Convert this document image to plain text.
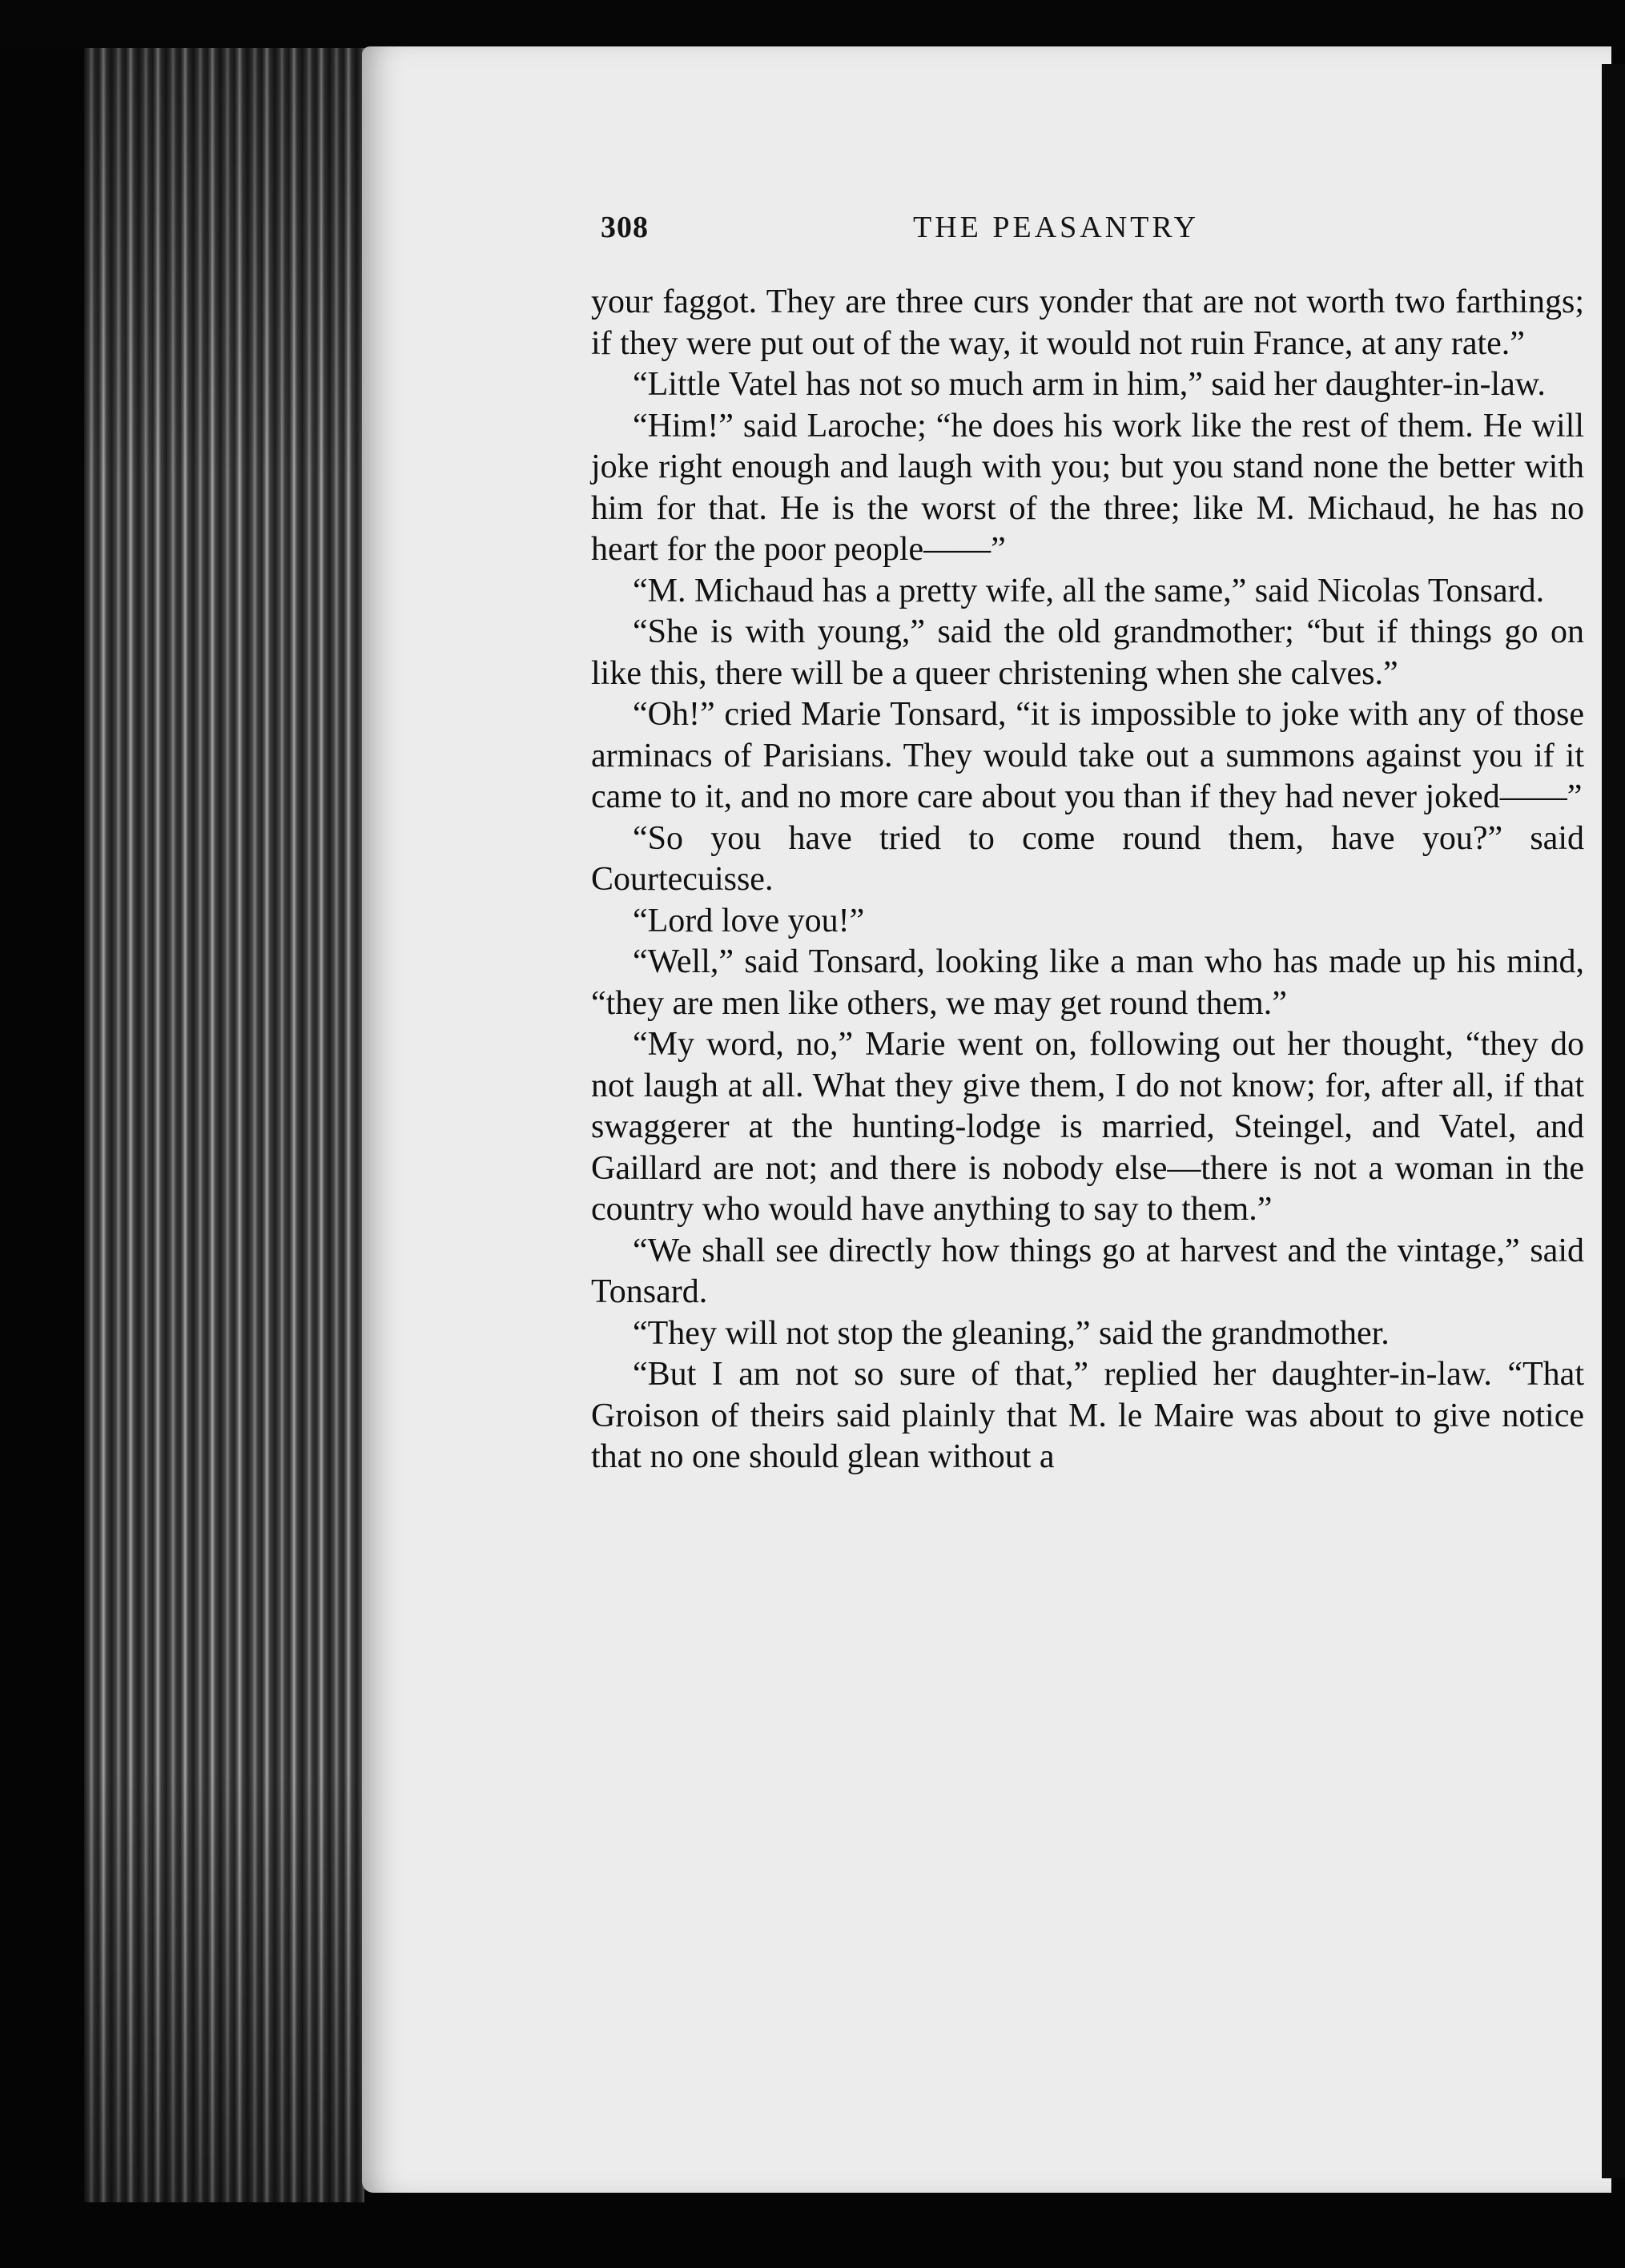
308	THE PEASANTRY

your faggot. They are three curs yonder that are not worth two farthings; if they were put out of the way, it would not ruin France, at any rate.”

“Little Vatel has not so much arm in him,” said her daughter-in-law.

“Him!” said Laroche; “he does his work like the rest of them. He will joke right enough and laugh with you; but you stand none the better with him for that. He is the worst of the three; like M. Michaud, he has no heart for the poor people——”

“M. Michaud has a pretty wife, all the same,” said Nicolas Tonsard.

“She is with young,” said the old grandmother; “but if things go on like this, there will be a queer christening when she calves.”

“Oh!” cried Marie Tonsard, “it is impossible to joke with any of those arminacs of Parisians. They would take out a summons against you if it came to it, and no more care about you than if they had never joked——”

“So you have tried to come round them, have you?” said Courtecuisse.

“Lord love you!”

“Well,” said Tonsard, looking like a man who has made up his mind, “they are men like others, we may get round them.”

“My word, no,” Marie went on, following out her thought, “they do not laugh at all. What they give them, I do not know; for, after all, if that swaggerer at the hunting-lodge is married, Steingel, and Vatel, and Gaillard are not; and there is nobody else—there is not a woman in the country who would have anything to say to them.”

“We shall see directly how things go at harvest and the vintage,” said Tonsard.

“They will not stop the gleaning,” said the grandmother.

“But I am not so sure of that,” replied her daughter-in-law. “That Groison of theirs said plainly that M. le Maire was about to give notice that no one should glean without a
